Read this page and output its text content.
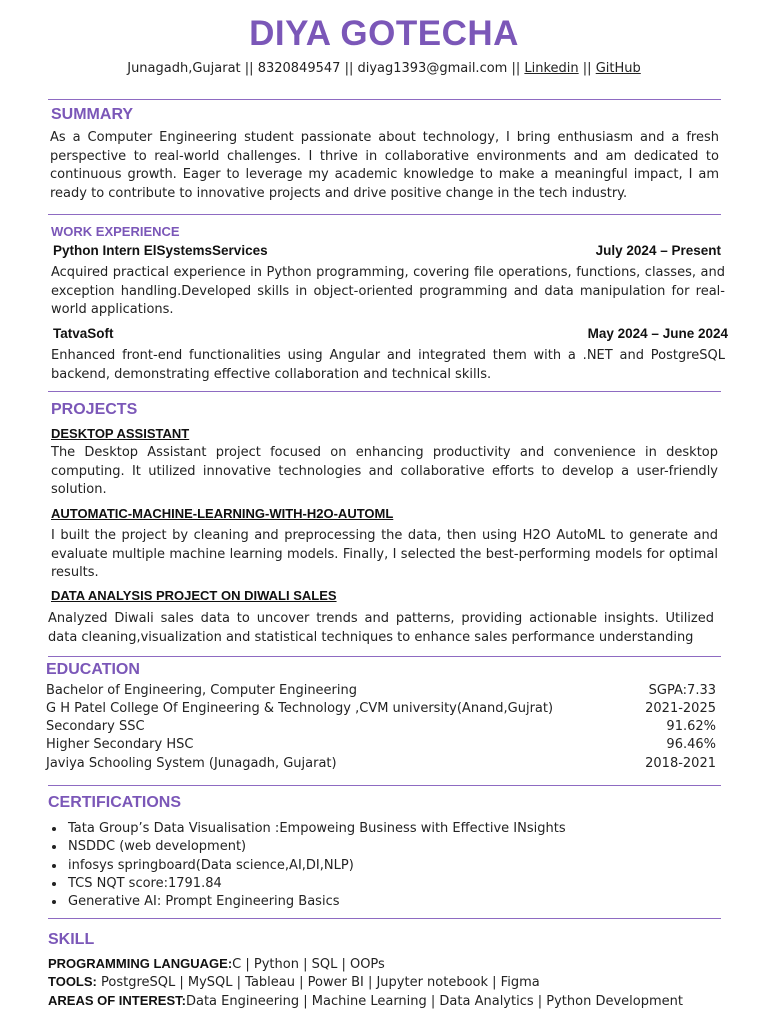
DIYA GOTECHA
Junagadh,Gujarat || 8320849547 || diyag1393@gmail.com || Linkedin || GitHub
SUMMARY
As a Computer Engineering student passionate about technology, I bring enthusiasm and a fresh perspective to real-world challenges. I thrive in collaborative environments and am dedicated to continuous growth. Eager to leverage my academic knowledge to make a meaningful impact, I am ready to contribute to innovative projects and drive positive change in the tech industry.
WORK EXPERIENCE
Python Intern ElSystemsServices	July 2024 – Present
Acquired practical experience in Python programming, covering file operations, functions, classes, and exception handling.Developed skills in object-oriented programming and data manipulation for real-world applications.
TatvaSoft	May 2024 – June 2024
Enhanced front-end functionalities using Angular and integrated them with a .NET and PostgreSQL backend, demonstrating effective collaboration and technical skills.
PROJECTS
DESKTOP ASSISTANT
The Desktop Assistant project focused on enhancing productivity and convenience in desktop computing. It utilized innovative technologies and collaborative efforts to develop a user-friendly solution.
AUTOMATIC-MACHINE-LEARNING-WITH-H2O-AUTOML
I built the project by cleaning and preprocessing the data, then using H2O AutoML to generate and evaluate multiple machine learning models. Finally, I selected the best-performing models for optimal results.
DATA ANALYSIS PROJECT ON DIWALI SALES
Analyzed Diwali sales data to uncover trends and patterns, providing actionable insights. Utilized data cleaning,visualization and statistical techniques to enhance sales performance understanding
EDUCATION
Bachelor of Engineering, Computer Engineering	SGPA:7.33
G H Patel College Of Engineering & Technology ,CVM university(Anand,Gujrat)	2021-2025
Secondary SSC	91.62%
Higher Secondary HSC	96.46%
Javiya Schooling System (Junagadh, Gujarat)	2018-2021
CERTIFICATIONS
• Tata Group’s Data Visualisation :Empoweing Business with Effective INsights
• NSDDC (web development)
• infosys springboard(Data science,AI,DI,NLP)
• TCS NQT score:1791.84
• Generative AI: Prompt Engineering Basics
SKILL
PROGRAMMING LANGUAGE:C | Python | SQL | OOPs
TOOLS: PostgreSQL | MySQL | Tableau | Power BI | Jupyter notebook | Figma
AREAS OF INTEREST:Data Engineering | Machine Learning | Data Analytics | Python Development
